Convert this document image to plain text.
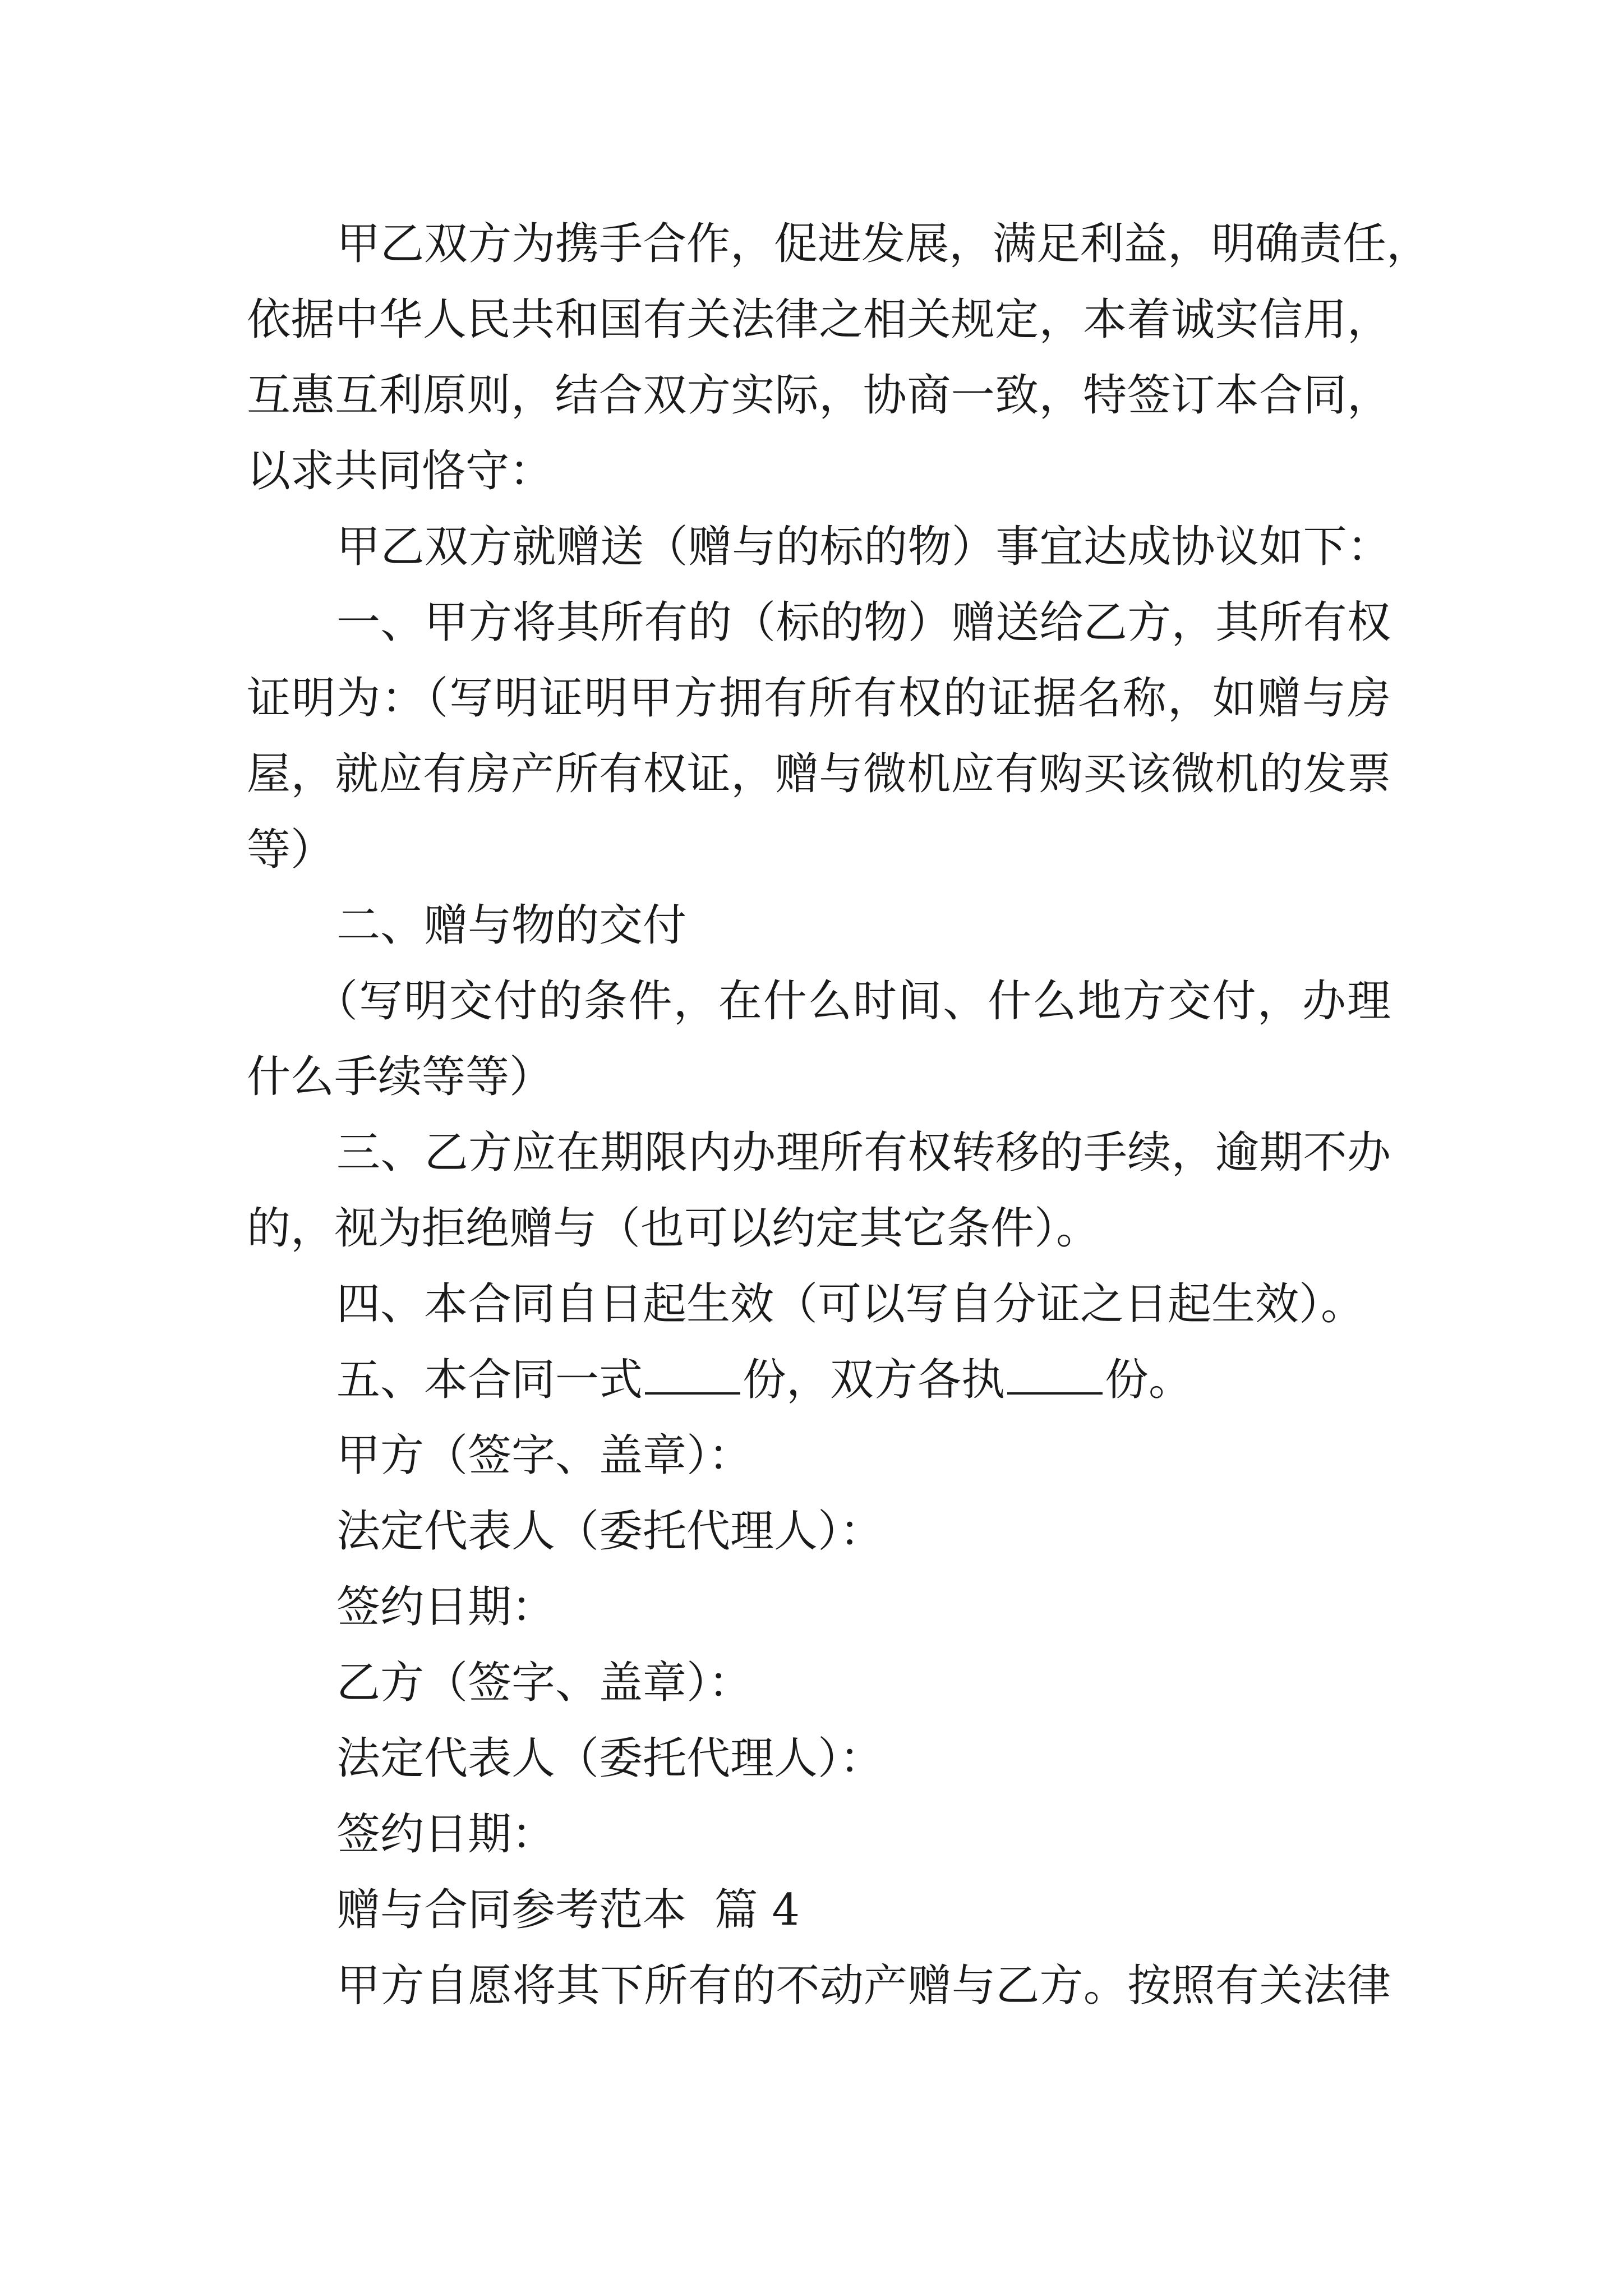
甲乙双方为携手合作，促进发展，满足利益，明确责任，
依据中华人民共和国有关法律之相关规定，本着诚实信用，
互惠互利原则，结合双方实际，协商一致，特签订本合同，
以求共同恪守：
甲乙双方就赠送（赠与的标的物）事宜达成协议如下：
一、甲方将其所有的（标的物）赠送给乙方，其所有权
证明为：（写明证明甲方拥有所有权的证据名称，如赠与房
屋，就应有房产所有权证，赠与微机应有购买该微机的发票
等）
二、赠与物的交付
（写明交付的条件，在什么时间、什么地方交付，办理
什么手续等等）
三、乙方应在期限内办理所有权转移的手续，逾期不办
的，视为拒绝赠与（也可以约定其它条件）。
四、本合同自日起生效（可以写自分证之日起生效）。
五、本合同一式 份，双方各执 份。
甲方（签字、盖章）：
法定代表人（委托代理人）：
签约日期：
乙方（签字、盖章）：
法定代表人（委托代理人）：
签约日期：
赠与合同参考范本  篇 4
甲方自愿将其下所有的不动产赠与乙方。按照有关法律
